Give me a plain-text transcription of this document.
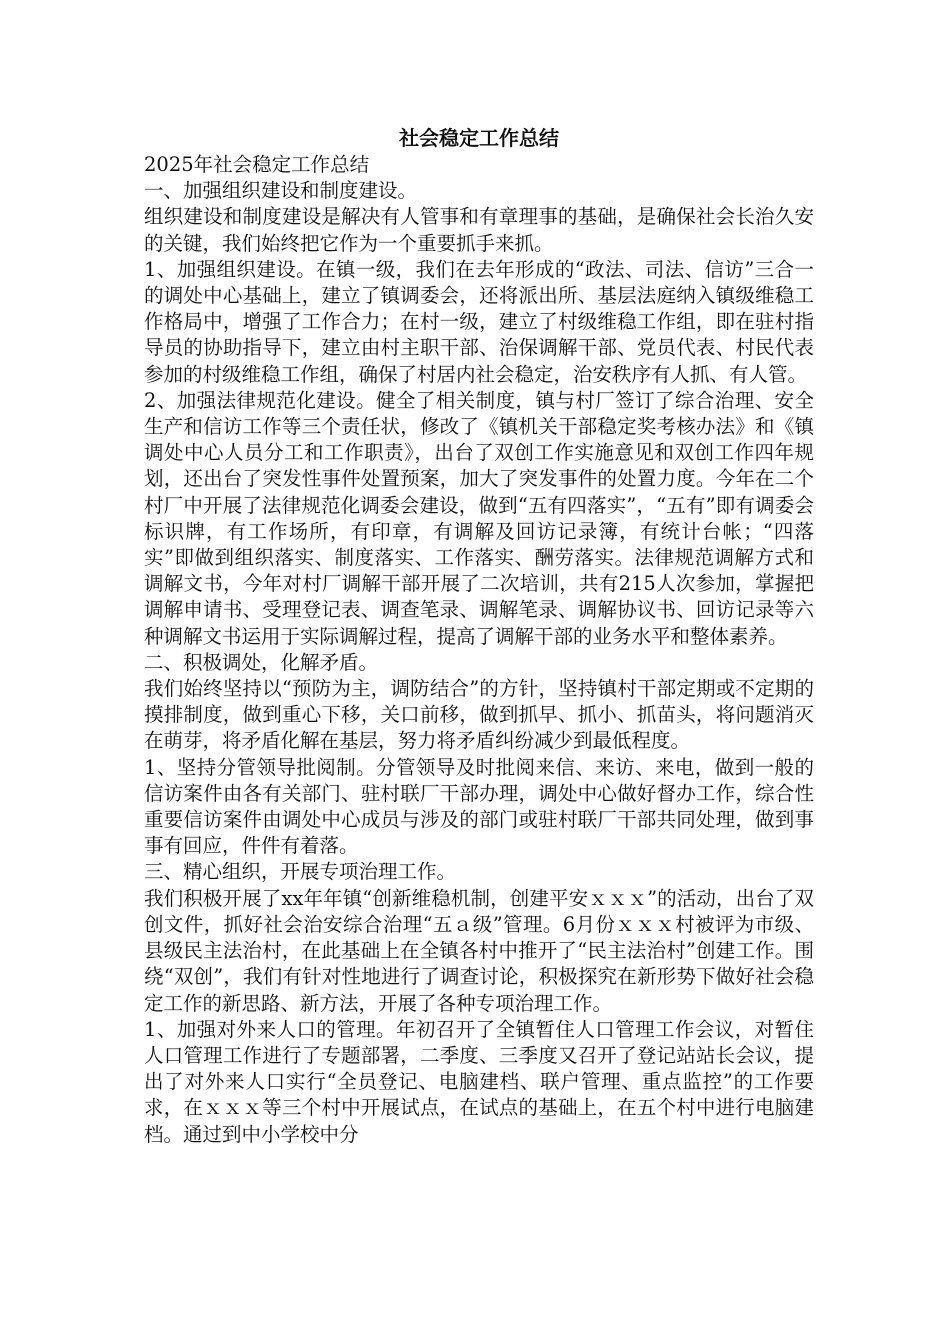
社会稳定工作总结

2025年社会稳定工作总结

一、加强组织建设和制度建设。

组织建设和制度建设是解决有人管事和有章理事的基础，是确保社会长治久安的关键，我们始终把它作为一个重要抓手来抓。

1、加强组织建设。在镇一级，我们在去年形成的“政法、司法、信访”三合一的调处中心基础上，建立了镇调委会，还将派出所、基层法庭纳入镇级维稳工作格局中，增强了工作合力；在村一级，建立了村级维稳工作组，即在驻村指导员的协助指导下，建立由村主职干部、治保调解干部、党员代表、村民代表参加的村级维稳工作组，确保了村居内社会稳定，治安秩序有人抓、有人管。

2、加强法律规范化建设。健全了相关制度，镇与村厂签订了综合治理、安全生产和信访工作等三个责任状，修改了《镇机关干部稳定奖考核办法》和《镇调处中心人员分工和工作职责》，出台了双创工作实施意见和双创工作四年规划，还出台了突发性事件处置预案，加大了突发事件的处置力度。今年在二个村厂中开展了法律规范化调委会建设，做到“五有四落实”，“五有”即有调委会标识牌，有工作场所，有印章，有调解及回访记录簿，有统计台帐；“四落实”即做到组织落实、制度落实、工作落实、酬劳落实。法律规范调解方式和调解文书，今年对村厂调解干部开展了二次培训，共有215人次参加，掌握把调解申请书、受理登记表、调查笔录、调解笔录、调解协议书、回访记录等六种调解文书运用于实际调解过程，提高了调解干部的业务水平和整体素养。

二、积极调处，化解矛盾。

我们始终坚持以“预防为主，调防结合”的方针，坚持镇村干部定期或不定期的摸排制度，做到重心下移，关口前移，做到抓早、抓小、抓苗头，将问题消灭在萌芽，将矛盾化解在基层，努力将矛盾纠纷减少到最低程度。

1、坚持分管领导批阅制。分管领导及时批阅来信、来访、来电，做到一般的信访案件由各有关部门、驻村联厂干部办理，调处中心做好督办工作，综合性重要信访案件由调处中心成员与涉及的部门或驻村联厂干部共同处理，做到事事有回应，件件有着落。

三、精心组织，开展专项治理工作。

我们积极开展了xx年年镇“创新维稳机制，创建平安ｘｘｘ”的活动，出台了双创文件，抓好社会治安综合治理“五ａ级”管理。6月份ｘｘｘ村被评为市级、县级民主法治村，在此基础上在全镇各村中推开了“民主法治村”创建工作。围绕“双创”，我们有针对性地进行了调查讨论，积极探究在新形势下做好社会稳定工作的新思路、新方法，开展了各种专项治理工作。

1、加强对外来人口的管理。年初召开了全镇暂住人口管理工作会议，对暂住人口管理工作进行了专题部署，二季度、三季度又召开了登记站站长会议，提出了对外来人口实行“全员登记、电脑建档、联户管理、重点监控”的工作要求，在ｘｘｘ等三个村中开展试点，在试点的基础上，在五个村中进行电脑建档。通过到中小学校中分
